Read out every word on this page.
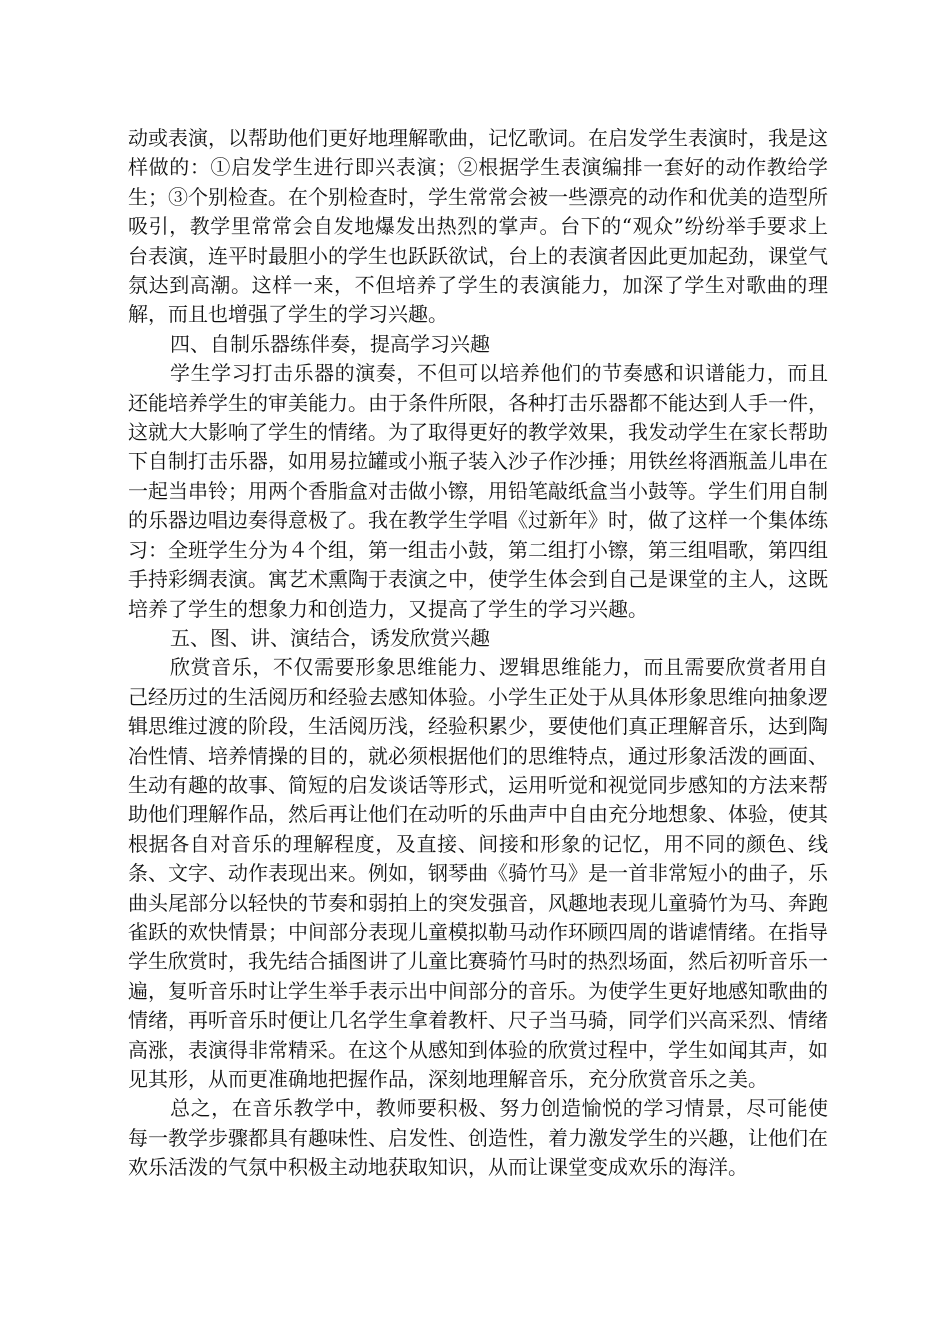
动或表演，以帮助他们更好地理解歌曲，记忆歌词。在启发学生表演时，我是这样做的：①启发学生进行即兴表演；②根据学生表演编排一套好的动作教给学生；③个别检查。在个别检查时，学生常常会被一些漂亮的动作和优美的造型所吸引，教学里常常会自发地爆发出热烈的掌声。台下的“观众”纷纷举手要求上台表演，连平时最胆小的学生也跃跃欲试，台上的表演者因此更加起劲，课堂气氛达到高潮。这样一来，不但培养了学生的表演能力，加深了学生对歌曲的理解，而且也增强了学生的学习兴趣。

四、自制乐器练伴奏，提高学习兴趣

学生学习打击乐器的演奏，不但可以培养他们的节奏感和识谱能力，而且还能培养学生的审美能力。由于条件所限，各种打击乐器都不能达到人手一件，这就大大影响了学生的情绪。为了取得更好的教学效果，我发动学生在家长帮助下自制打击乐器，如用易拉罐或小瓶子装入沙子作沙捶；用铁丝将酒瓶盖儿串在一起当串铃；用两个香脂盒对击做小镲，用铅笔敲纸盒当小鼓等。学生们用自制的乐器边唱边奏得意极了。我在教学生学唱《过新年》时，做了这样一个集体练习：全班学生分为４个组，第一组击小鼓，第二组打小镲，第三组唱歌，第四组手持彩绸表演。寓艺术熏陶于表演之中，使学生体会到自己是课堂的主人，这既培养了学生的想象力和创造力，又提高了学生的学习兴趣。

五、图、讲、演结合，诱发欣赏兴趣

欣赏音乐，不仅需要形象思维能力、逻辑思维能力，而且需要欣赏者用自己经历过的生活阅历和经验去感知体验。小学生正处于从具体形象思维向抽象逻辑思维过渡的阶段，生活阅历浅，经验积累少，要使他们真正理解音乐，达到陶冶性情、培养情操的目的，就必须根据他们的思维特点，通过形象活泼的画面、生动有趣的故事、简短的启发谈话等形式，运用听觉和视觉同步感知的方法来帮助他们理解作品，然后再让他们在动听的乐曲声中自由充分地想象、体验，使其根据各自对音乐的理解程度，及直接、间接和形象的记忆，用不同的颜色、线条、文字、动作表现出来。例如，钢琴曲《骑竹马》是一首非常短小的曲子，乐曲头尾部分以轻快的节奏和弱拍上的突发强音，风趣地表现儿童骑竹为马、奔跑雀跃的欢快情景；中间部分表现儿童模拟勒马动作环顾四周的谐谑情绪。在指导学生欣赏时，我先结合插图讲了儿童比赛骑竹马时的热烈场面，然后初听音乐一遍，复听音乐时让学生举手表示出中间部分的音乐。为使学生更好地感知歌曲的情绪，再听音乐时便让几名学生拿着教杆、尺子当马骑，同学们兴高采烈、情绪高涨，表演得非常精采。在这个从感知到体验的欣赏过程中，学生如闻其声，如见其形，从而更准确地把握作品，深刻地理解音乐，充分欣赏音乐之美。

总之，在音乐教学中，教师要积极、努力创造愉悦的学习情景，尽可能使每一教学步骤都具有趣味性、启发性、创造性，着力激发学生的兴趣，让他们在欢乐活泼的气氛中积极主动地获取知识，从而让课堂变成欢乐的海洋。
